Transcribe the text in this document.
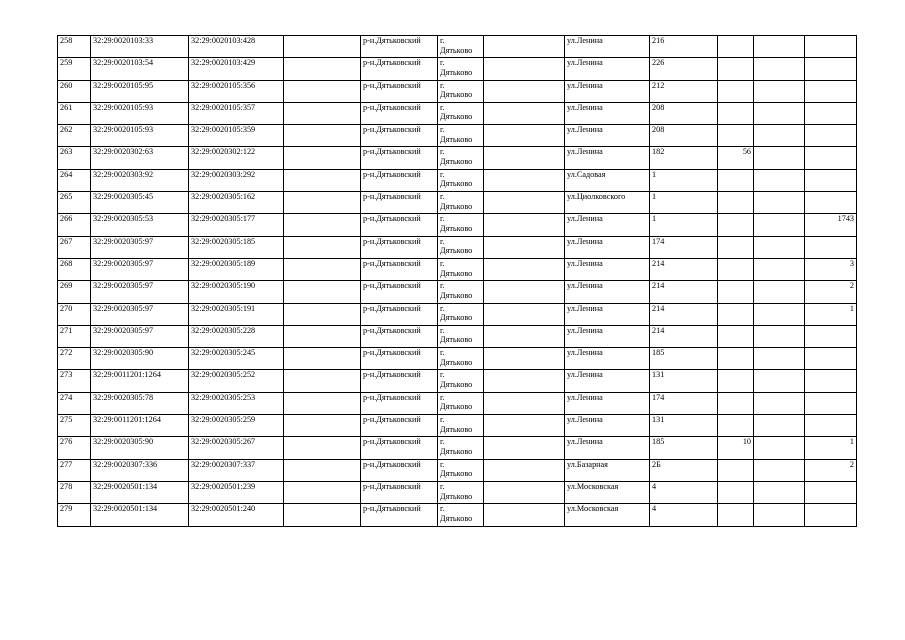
258	32:29:0020103:33	32:29:0020103:428		р-н.Дятьковский	г.
Дятьково		ул.Ленина	216			
259	32:29:0020103:54	32:29:0020103:429		р-н.Дятьковский	г.
Дятьково		ул.Ленина	226			
260	32:29:0020105:95	32:29:0020105:356		р-н.Дятьковский	г.
Дятьково		ул.Ленина	212			
261	32:29:0020105:93	32:29:0020105:357		р-н.Дятьковский	г.
Дятьково		ул.Ленина	208			
262	32:29:0020105:93	32:29:0020105:359		р-н.Дятьковский	г.
Дятьково		ул.Ленина	208			
263	32:29:0020302:63	32:29:0020302:122		р-н.Дятьковский	г.
Дятьково		ул.Ленина	182	56		
264	32:29:0020303:92	32:29:0020303:292		р-н.Дятьковский	г.
Дятьково		ул.Садовая	1			
265	32:29:0020305:45	32:29:0020305:162		р-н.Дятьковский	г.
Дятьково		ул.Циолковского	1			
266	32:29:0020305:53	32:29:0020305:177		р-н.Дятьковский	г.
Дятьково		ул.Ленина	1			1743
267	32:29:0020305:97	32:29:0020305:185		р-н.Дятьковский	г.
Дятьково		ул.Ленина	174			
268	32:29:0020305:97	32:29:0020305:189		р-н.Дятьковский	г.
Дятьково		ул.Ленина	214			3
269	32:29:0020305:97	32:29:0020305:190		р-н.Дятьковский	г.
Дятьково		ул.Ленина	214			2
270	32:29:0020305:97	32:29:0020305:191		р-н.Дятьковский	г.
Дятьково		ул.Ленина	214			1
271	32:29:0020305:97	32:29:0020305:228		р-н.Дятьковский	г.
Дятьково		ул.Ленина	214			
272	32:29:0020305:90	32:29:0020305:245		р-н.Дятьковский	г.
Дятьково		ул.Ленина	185			
273	32:29:0011201:1264	32:29:0020305:252		р-н.Дятьковский	г.
Дятьково		ул.Ленина	131			
274	32:29:0020305:78	32:29:0020305:253		р-н.Дятьковский	г.
Дятьково		ул.Ленина	174			
275	32:29:0011201:1264	32:29:0020305:259		р-н.Дятьковский	г.
Дятьково		ул.Ленина	131			
276	32:29:0020305:90	32:29:0020305:267		р-н.Дятьковский	г.
Дятьково		ул.Ленина	185	10		1
277	32:29:0020307:336	32:29:0020307:337		р-н.Дятьковский	г.
Дятьково		ул.Базарная	2Б			2
278	32:29:0020501:134	32:29:0020501:239		р-н.Дятьковский	г.
Дятьково		ул.Московская	4			
279	32:29:0020501:134	32:29:0020501:240		р-н.Дятьковский	г.
Дятьково		ул.Московская	4			
